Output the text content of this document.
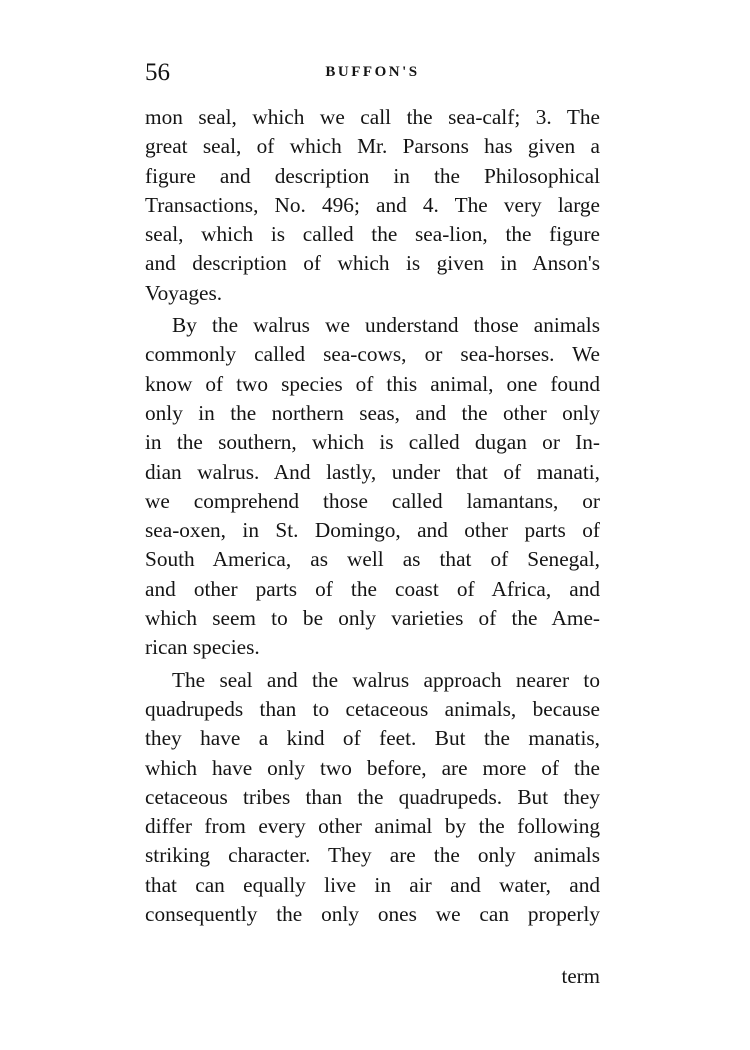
56	BUFFON'S
mon seal, which we call the sea-calf; 3. The
great seal, of which Mr. Parsons has given a
figure and description in the Philosophical
Transactions, No. 496; and 4. The very large
seal, which is called the sea-lion, the figure
and description of which is given in Anson's
Voyages.
By the walrus we understand those animals
commonly called sea-cows, or sea-horses. We
know of two species of this animal, one found
only in the northern seas, and the other only
in the southern, which is called dugan or In-
dian walrus. And lastly, under that of manati,
we comprehend those called lamantans, or
sea-oxen, in St. Domingo, and other parts of
South America, as well as that of Senegal,
and other parts of the coast of Africa, and
which seem to be only varieties of the Ame-
rican species.
The seal and the walrus approach nearer to
quadrupeds than to cetaceous animals, because
they have a kind of feet. But the manatis,
which have only two before, are more of the
cetaceous tribes than the quadrupeds. But they
differ from every other animal by the following
striking character. They are the only animals
that can equally live in air and water, and
consequently the only ones we can properly
term
